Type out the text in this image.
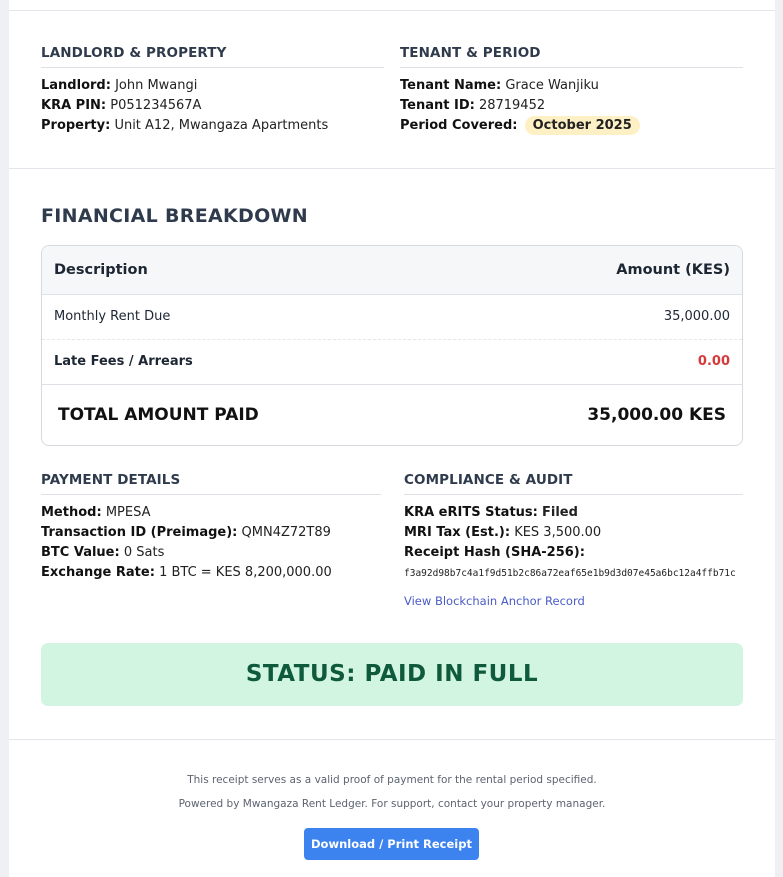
LANDLORD & PROPERTY
Landlord: John Mwangi
KRA PIN: P051234567A
Property: Unit A12, Mwangaza Apartments
TENANT & PERIOD
Tenant Name: Grace Wanjiku
Tenant ID: 28719452
Period Covered: October 2025
FINANCIAL BREAKDOWN
Description	Amount (KES)
Monthly Rent Due	35,000.00
Late Fees / Arrears	0.00
TOTAL AMOUNT PAID	35,000.00 KES
PAYMENT DETAILS
Method: MPESA
Transaction ID (Preimage): QMN4Z72T89
BTC Value: 0 Sats
Exchange Rate: 1 BTC = KES 8,200,000.00
COMPLIANCE & AUDIT
KRA eRITS Status: Filed
MRI Tax (Est.): KES 3,500.00
Receipt Hash (SHA-256):
f3a92d98b7c4a1f9d51b2c86a72eaf65e1b9d3d07e45a6bc12a4ffb71c
View Blockchain Anchor Record
STATUS: PAID IN FULL
This receipt serves as a valid proof of payment for the rental period specified.
Powered by Mwangaza Rent Ledger. For support, contact your property manager.
Download / Print Receipt
